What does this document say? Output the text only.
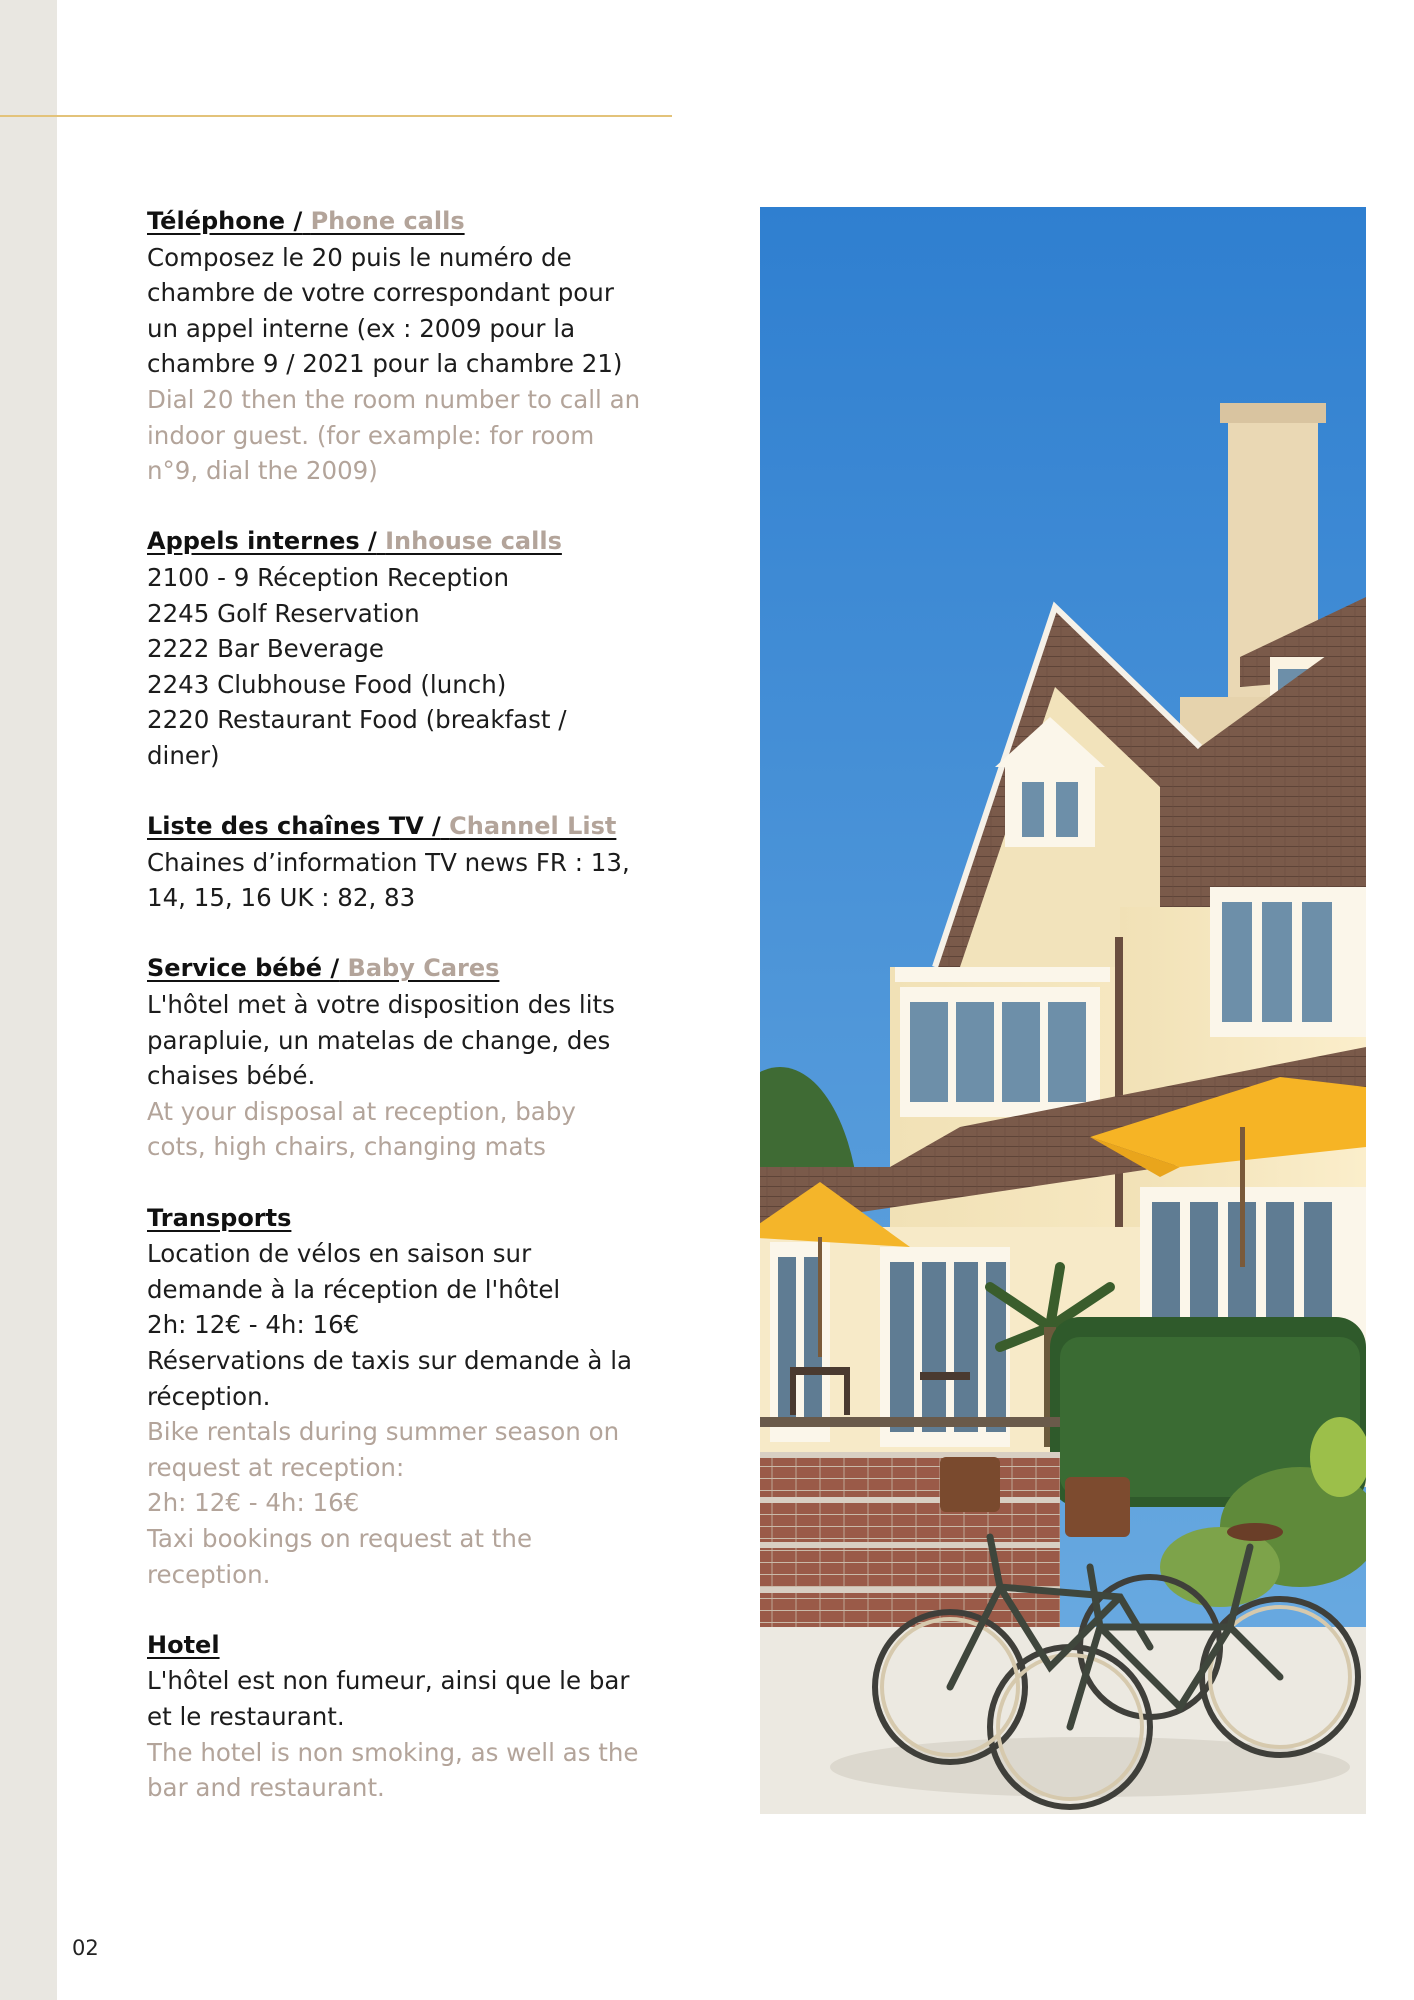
Téléphone / Phone calls
Composez le 20 puis le numéro de
chambre de votre correspondant pour
un appel interne (ex : 2009 pour la
chambre 9 / 2021 pour la chambre 21)
Dial 20 then the room number to call an
indoor guest. (for example: for room
n°9, dial the 2009)
Appels internes / Inhouse calls
2100 - 9 Réception Reception
2245 Golf Reservation
2222 Bar Beverage
2243 Clubhouse Food (lunch)
2220 Restaurant Food (breakfast /
diner)
Liste des chaînes TV / Channel List
Chaines d’information TV news FR : 13,
14, 15, 16 UK : 82, 83
Service bébé / Baby Cares
L'hôtel met à votre disposition des lits
parapluie, un matelas de change, des
chaises bébé.
At your disposal at reception, baby
cots, high chairs, changing mats
Transports
Location de vélos en saison sur
demande à la réception de l'hôtel
2h: 12€ - 4h: 16€
Réservations de taxis sur demande à la
réception.
Bike rentals during summer season on
request at reception:
2h: 12€ - 4h: 16€
Taxi bookings on request at the
reception.
Hotel
L'hôtel est non fumeur, ainsi que le bar
et le restaurant.
The hotel is non smoking, as well as the
bar and restaurant.
02
